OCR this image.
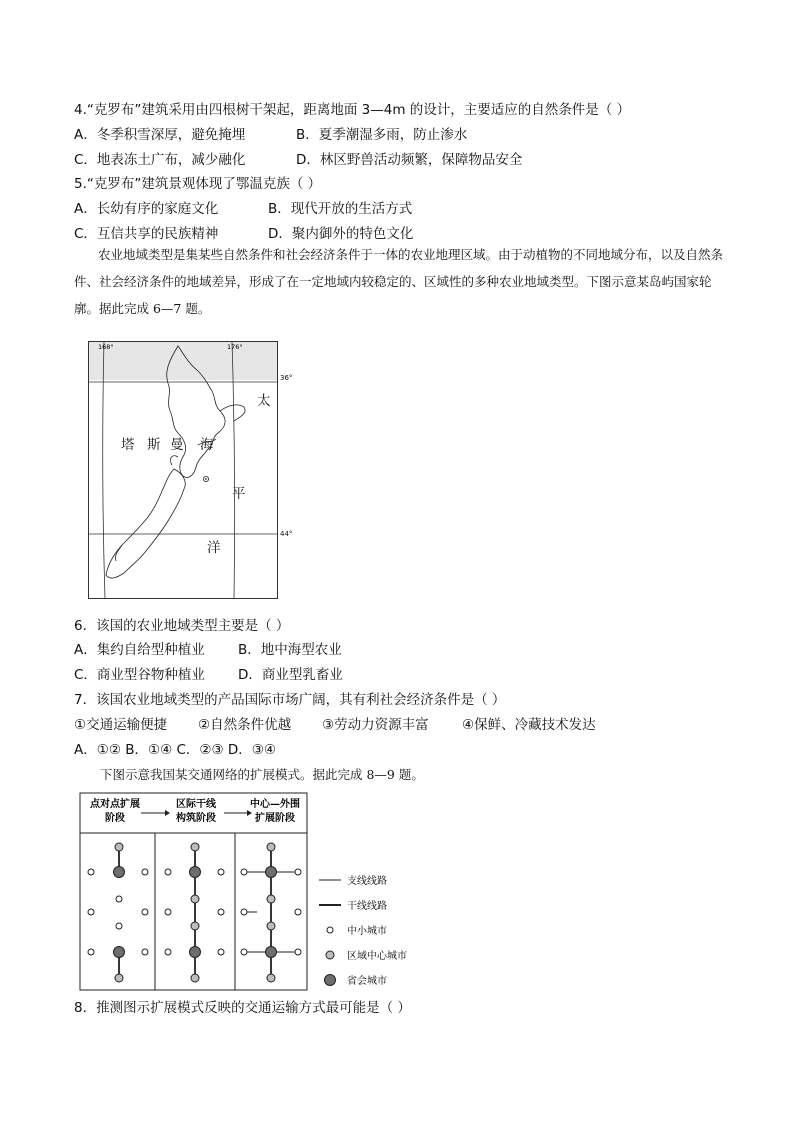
4.“克罗布”建筑采用由四根树干架起，距离地面 3—4m 的设计，主要适应的自然条件是（ ）
A．冬季积雪深厚，避免掩埋	B．夏季潮湿多雨，防止渗水
C．地表冻土广布，减少融化	D．林区野兽活动频繁，保障物品安全
5.“克罗布”建筑景观体现了鄂温克族（ ）
A．长幼有序的家庭文化	B．现代开放的生活方式
C．互信共享的民族精神	D．聚内御外的特色文化
农业地域类型是集某些自然条件和社会经济条件于一体的农业地理区域。由于动植物的不同地域分布，以及自然条件、社会经济条件的地域差异，形成了在一定地域内较稳定的、区域性的多种农业地域类型。下图示意某岛屿国家轮廓。据此完成 6—7 题。
168°	176°
36°
44°
塔 斯 曼 海
太
平
洋
6．该国的农业地域类型主要是（ ）
A．集约自给型种植业 B．地中海型农业
C．商业型谷物种植业 D．商业型乳畜业
7．该国农业地域类型的产品国际市场广阔，其有利社会经济条件是（ ）
①交通运输便捷 ②自然条件优越 ③劳动力资源丰富 ④保鲜、冷藏技术发达
A．①② B．①④ C．②③ D．③④
下图示意我国某交通网络的扩展模式。据此完成 8—9 题。
点对点扩展
阶段
区际干线
构筑阶段
中心—外围
扩展阶段
支线线路
干线线路
中小城市
区域中心城市
省会城市
8．推测图示扩展模式反映的交通运输方式最可能是（ ）
